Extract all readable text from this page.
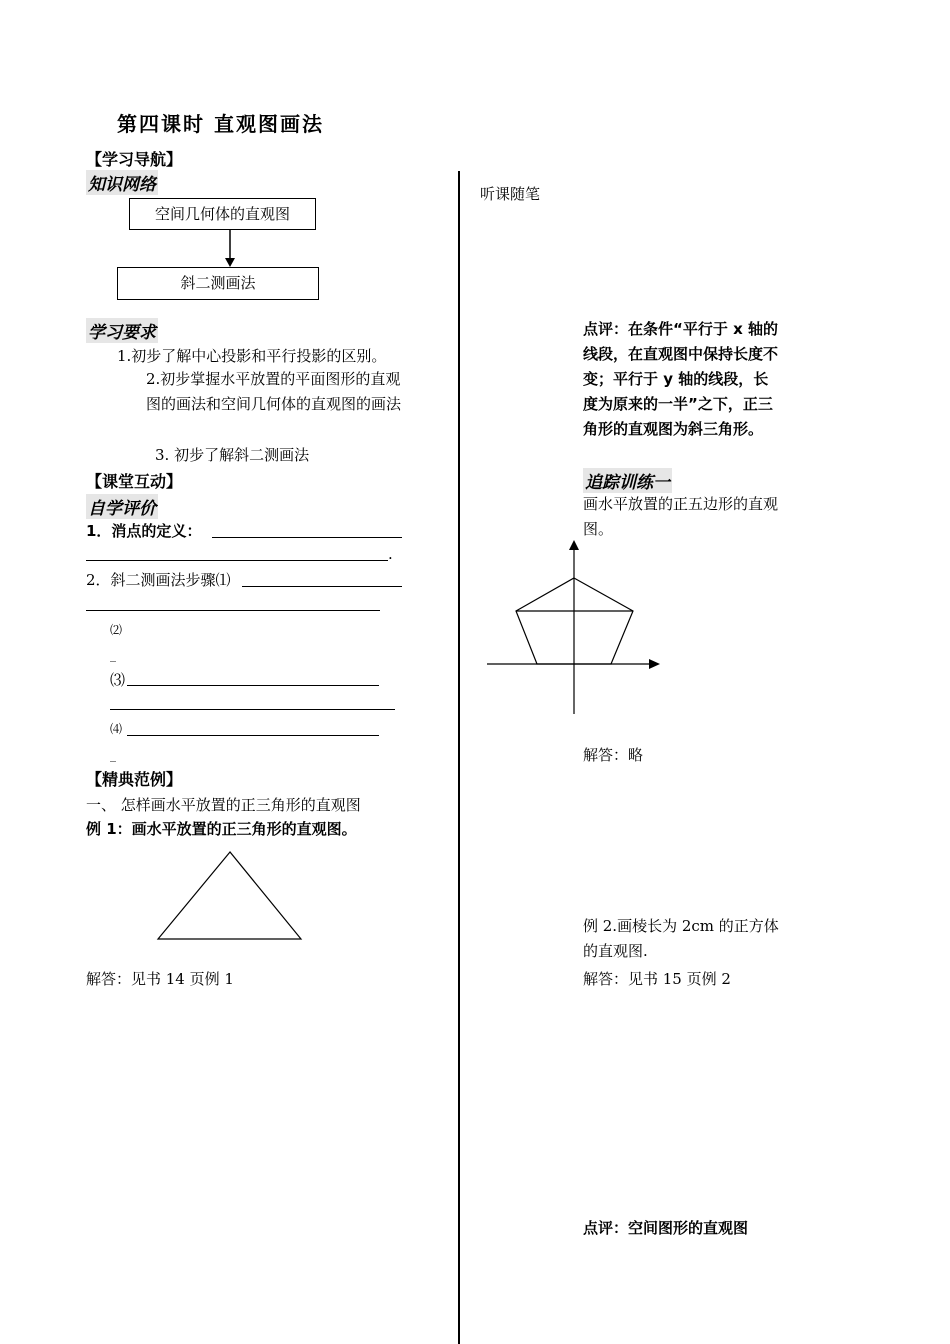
第四课时 直观图画法
【学习导航】
知识网络
空间几何体的直观图
斜二测画法
学习要求
1.初步了解中心投影和平行投影的区别。
2.初步掌握水平放置的平面图形的直观图的画法和空间几何体的直观图的画法
3. 初步了解斜二测画法
【课堂互动】
自学评价
1．消点的定义：
.
2．斜二测画法步骤⑴
⑵
_
⑶
⑷
_
【精典范例】
一、 怎样画水平放置的正三角形的直观图
例 1：画水平放置的正三角形的直观图。
解答：见书 14 页例 1
听课随笔
点评：在条件“平行于 x 轴的线段，在直观图中保持长度不变；平行于 y 轴的线段，长度为原来的一半”之下，正三角形的直观图为斜三角形。
追踪训练一
画水平放置的正五边形的直观图。
解答：略
例 2.画棱长为 2cm 的正方体的直观图.
解答：见书 15 页例 2
点评：空间图形的直观图
